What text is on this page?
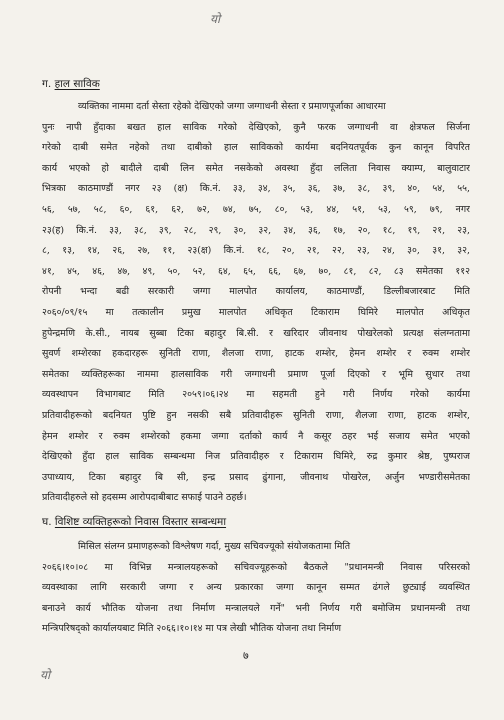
यो
ग. हाल साविक
व्यक्तिका नाममा दर्ता सेस्ता रहेको देखिएको जग्गा जग्गाधनी सेस्ता र प्रमाणपूर्जाका आधारमा
पुनः नापी हुँदाका बखत हाल साविक गरेको देखिएको, कुनै फरक जग्गाधनी वा क्षेत्रफल सिर्जना
गरेको दाबी समेत नहेको तथा दाबीको हाल साविकको कार्यमा बदनियतपूर्वक कुन कानून विपरित
कार्य भएको हो बादीले दाबी लिन समेत नसकेको अवस्था हुँदा ललिता निवास क्याम्प, बालुवाटार
भित्रका काठमाण्डौं नगर २३ (क्ष) कि.नं. ३३, ३४, ३५, ३६, ३७, ३८, ३९, ४०, ५४, ५५,
५६, ५७, ५८, ६०, ६१, ६२, ७२, ७४, ७५, ८०, ५३, ४४, ५१, ५३, ५९, ७९, नगर
२३(ह) कि.नं. ३३, ३८, ३९, २८, २९, ३०, ३२, ३४, ३६, १७, २०, १८, १९, २१, २३,
८, १३, १४, २६, २७, ११, २३(क्ष) कि.नं. १८, २०, २१, २२, २३, २४, ३०, ३१, ३२,
४१, ४५, ४६, ४७, ४९, ५०, ५२, ६४, ६५, ६६, ६७, ७०, ८१, ८२, ८३ समेतका ११२
रोपनी भन्दा बढी सरकारी जग्गा मालपोत कार्यालय, काठमाण्डौं, डिल्लीबजारबाट मिति
२०६०/०९/१५ मा तत्कालीन प्रमुख मालपोत अधिकृत टिकाराम घिमिरे मालपोत अधिकृत
हुपेन्द्रमणि के.सी., नायब सुब्बा टिका बहादुर बि.सी. र खरिदार जीवनाथ पोखरेलको प्रत्यक्ष संलग्नतामा
सुवर्ण शम्शेरका हकदारहरू सुनिती राणा, शैलजा राणा, हाटक शम्शेर, हेमन शम्शेर र रुक्म शम्शेर
समेतका व्यक्तिहरूका नाममा हालसाविक गरी जग्गाधनी प्रमाण पूर्जा दिएको र भूमि सुधार तथा
व्यवस्थापन विभागबाट मिति २०५९।०६।२४ मा सहमती हुने गरी निर्णय गरेको कार्यमा
प्रतिवादीहरूको बदनियत पुष्टि हुन नसकी सबै प्रतिवादीहरू सुनिती राणा, शैलजा राणा, हाटक शम्शेर,
हेमन शम्शेर र रुक्म शम्शेरको हकमा जग्गा दर्ताको कार्य नै कसूर ठहर भई सजाय समेत भएको
देखिएको हुँदा हाल साविक सम्बन्धमा निज प्रतिवादीहरु र टिकाराम घिमिरे, रुद्र कुमार श्रेष्ठ, पुष्पराज
उपाध्याय, टिका बहादुर बि सी, इन्द्र प्रसाद ढुंगाना, जीवनाथ पोखरेल, अर्जुन भण्डारीसमेतका
प्रतिवादीहरुले सो हदसम्म आरोपदाबीबाट सफाई पाउने ठहर्छ।
घ. विशिष्ट व्यक्तिहरूको निवास विस्तार सम्बन्धमा
मिसिल संलग्न प्रमाणहरूको विश्लेषण गर्दा, मुख्य सचिवज्यूको संयोजकतामा मिति
२०६६।१०।०८ मा विभिन्न मन्त्रालयहरूको सचिवज्यूहरूको बैठकले "प्रधानमन्त्री निवास परिसरको
व्यवस्थाका लागि सरकारी जग्गा र अन्य प्रकारका जग्गा कानून सम्मत ढंगले छुट्याई व्यवस्थित
बनाउने कार्य भौतिक योजना तथा निर्माण मन्त्रालयले गर्ने" भनी निर्णय गरी बमोजिम प्रधानमन्त्री तथा
मन्त्रिपरिषद्को कार्यालयबाट मिति २०६६।१०।१४ मा पत्र लेखी भौतिक योजना तथा निर्माण
७
यो
